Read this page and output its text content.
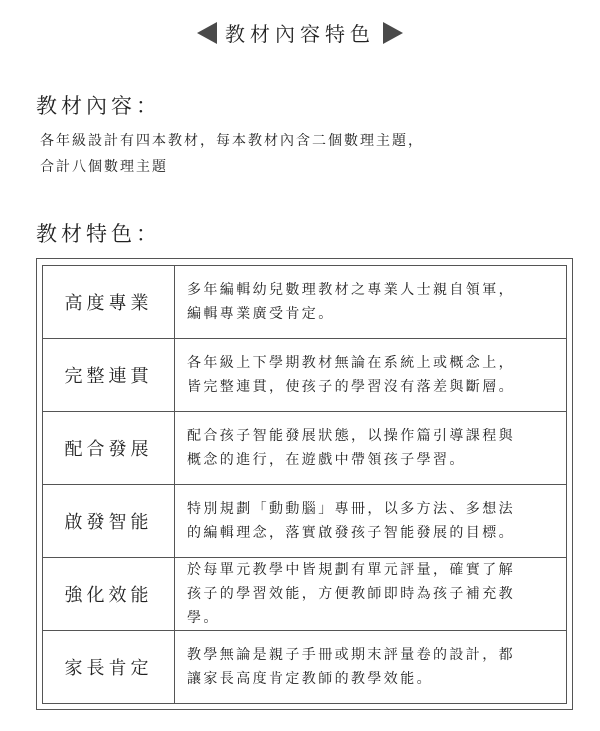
教材內容特色
教材內容：
各年級設計有四本教材，每本教材內含二個數理主題，
合計八個數理主題
教材特色：
高度專業	多年編輯幼兒數理教材之專業人士親自領軍，
編輯專業廣受肯定。

完整連貫	各年級上下學期教材無論在系統上或概念上，
皆完整連貫，使孩子的學習沒有落差與斷層。

配合發展	配合孩子智能發展狀態，以操作篇引導課程與
概念的進行，在遊戲中帶領孩子學習。

啟發智能	特別規劃「動動腦」專冊，以多方法、多想法
的編輯理念，落實啟發孩子智能發展的目標。

強化效能	於每單元教學中皆規劃有單元評量，確實了解
孩子的學習效能，方便教師即時為孩子補充教
學。

家長肯定	教學無論是親子手冊或期末評量卷的設計，都
讓家長高度肯定教師的教學效能。
